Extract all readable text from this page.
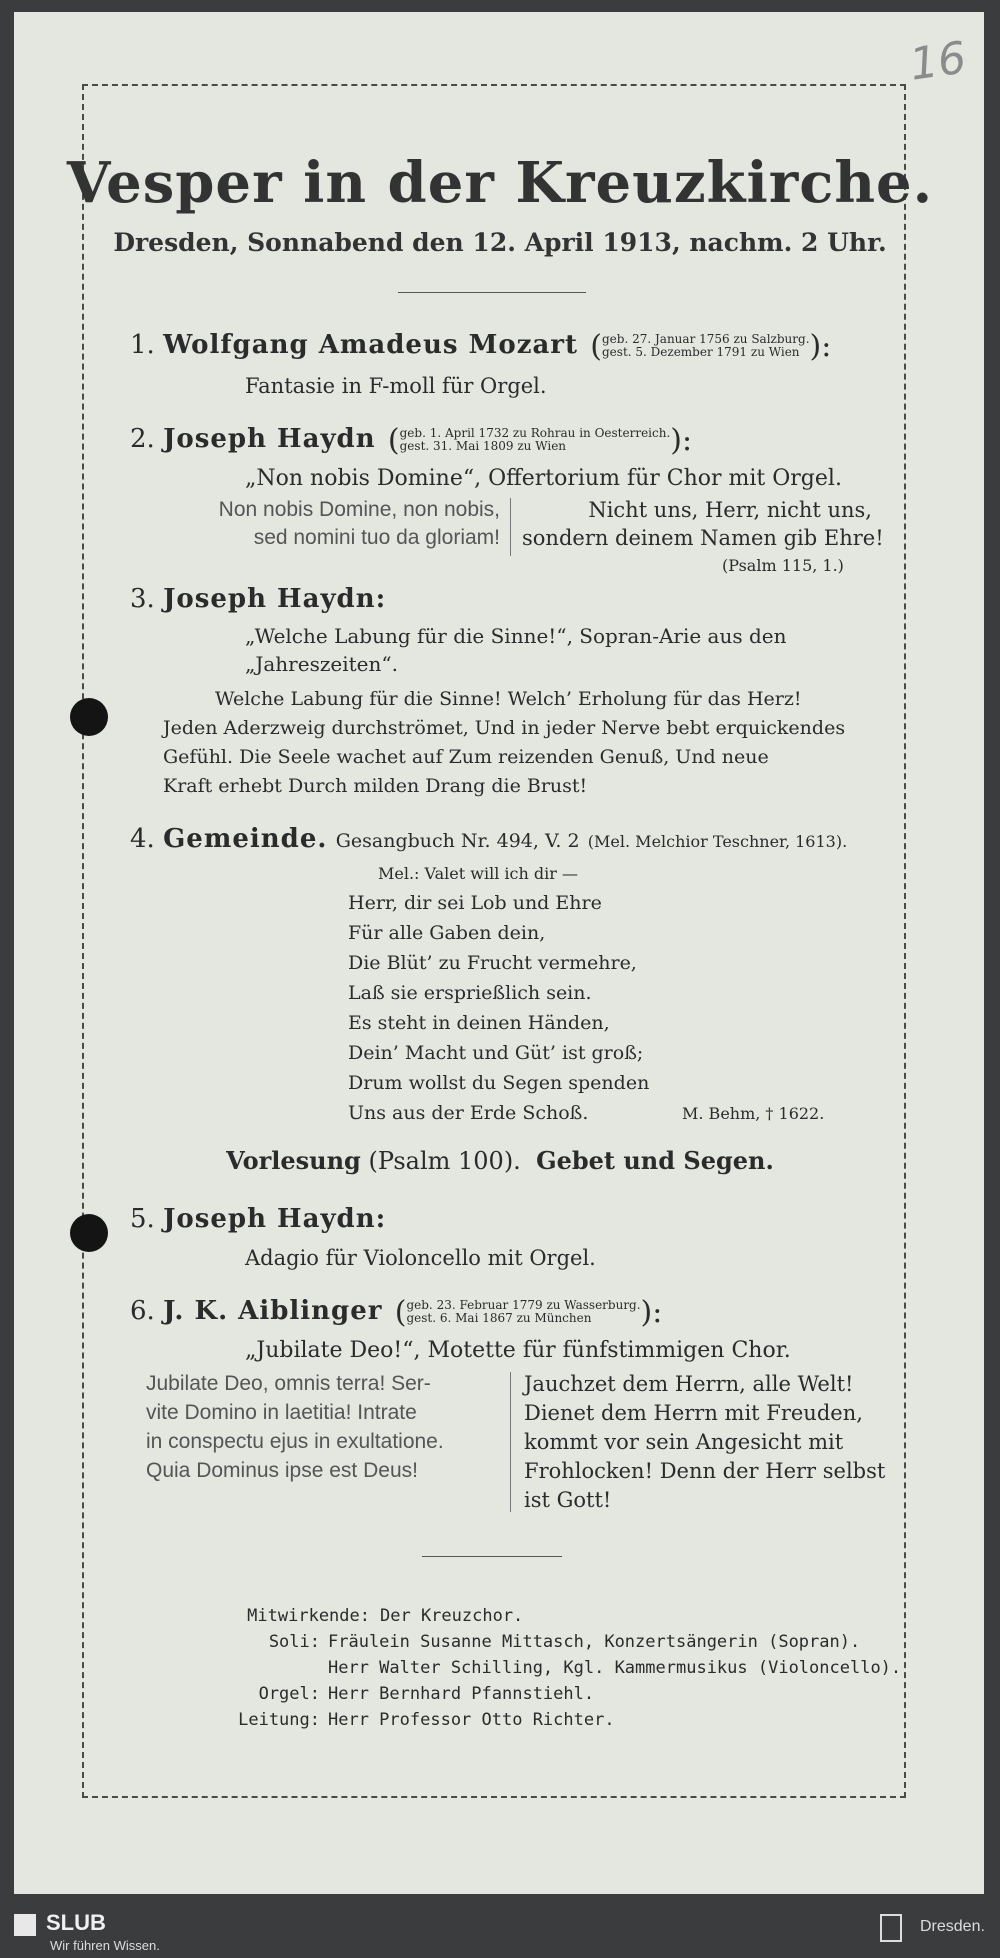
16
Vesper in der Kreuzkirche.
Dresden, Sonnabend den 12. April 1913, nachm. 2 Uhr.
1. Wolfgang Amadeus Mozart (geb. 27. Januar 1756 zu Salzburg.
gest. 5. Dezember 1791 zu Wien ):
Fantasie in F-moll für Orgel.
2. Joseph Haydn (geb. 1. April 1732 zu Rohrau in Oesterreich.
gest. 31. Mai 1809 zu Wien	):
„Non nobis Domine“, Offertorium für Chor mit Orgel.
Non nobis Domine, non nobis,
sed nomini tuo da gloriam!
Nicht uns, Herr, nicht uns,
sondern deinem Namen gib Ehre!
(Psalm 115, 1.)
3. Joseph Haydn:
„Welche Labung für die Sinne!“, Sopran-Arie aus den
„Jahreszeiten“.
Welche Labung für die Sinne! Welch’ Erholung für das Herz!
Jeden Aderzweig durchströmet, Und in jeder Nerve bebt erquickendes
Gefühl. Die Seele wachet auf Zum reizenden Genuß, Und neue
Kraft erhebt Durch milden Drang die Brust!
4. Gemeinde. Gesangbuch Nr. 494, V. 2 (Mel. Melchior Teschner, 1613).
Mel.: Valet will ich dir —
Herr, dir sei Lob und Ehre
Für alle Gaben dein,
Die Blüt’ zu Frucht vermehre,
Laß sie ersprießlich sein.
Es steht in deinen Händen,
Dein’ Macht und Güt’ ist groß;
Drum wollst du Segen spenden
Uns aus der Erde Schoß.	M. Behm, † 1622.
Vorlesung (Psalm 100). Gebet und Segen.
5. Joseph Haydn:
Adagio für Violoncello mit Orgel.
6. J. K. Aiblinger (geb. 23. Februar 1779 zu Wasserburg.
gest. 6. Mai 1867 zu München ):
„Jubilate Deo!“, Motette für fünfstimmigen Chor.
Jubilate Deo, omnis terra! Ser-
vite Domino in laetitia! Intrate
in conspectu ejus in exultatione.
Quia Dominus ipse est Deus!
Jauchzet dem Herrn, alle Welt!
Dienet dem Herrn mit Freuden,
kommt vor sein Angesicht mit
Frohlocken! Denn der Herr selbst
ist Gott!
Mitwirkende: Der Kreuzchor.
Soli: Fräulein Susanne Mittasch, Konzertsängerin (Sopran).
Herr Walter Schilling, Kgl. Kammermusikus (Violoncello).
Orgel: Herr Bernhard Pfannstiehl.
Leitung: Herr Professor Otto Richter.
SLUB
Wir führen Wissen.
Dresden.
